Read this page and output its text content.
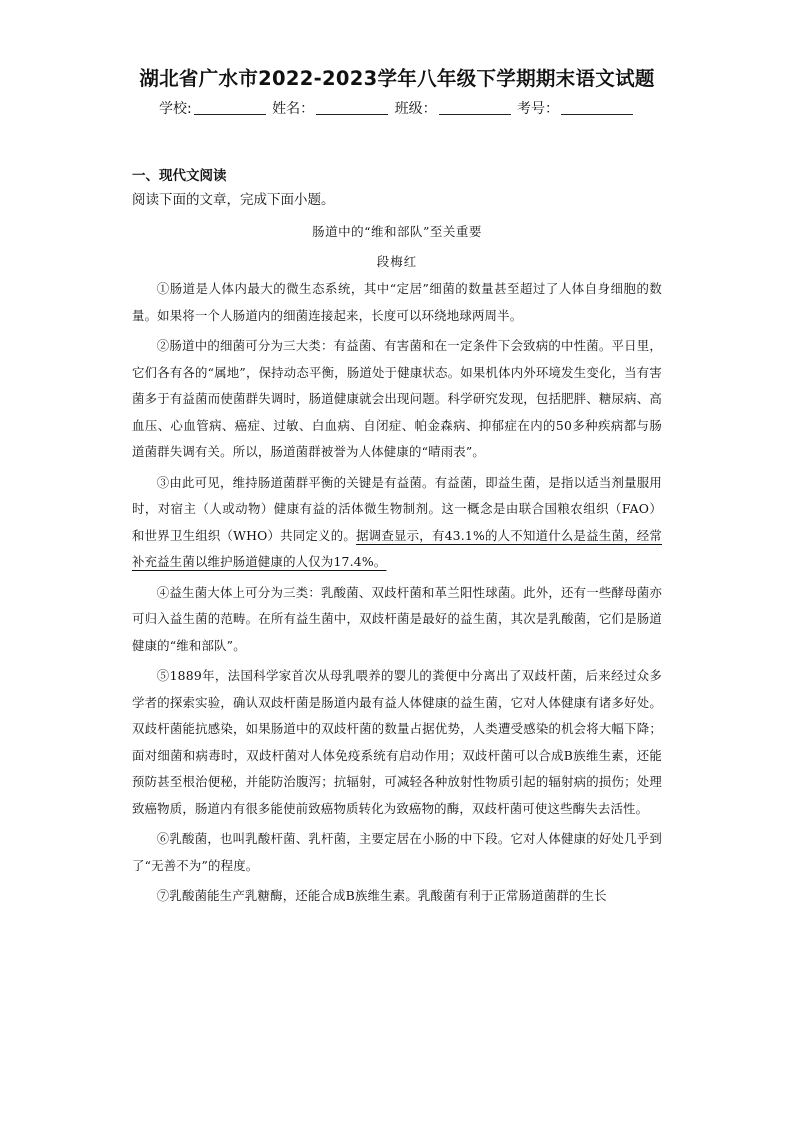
湖北省广水市2022-2023学年八年级下学期期末语文试题
学校:	姓名：	班级：	考号：
一、现代文阅读
阅读下面的文章，完成下面小题。
肠道中的“维和部队”至关重要
段梅红

①肠道是人体内最大的微生态系统，其中“定居”细菌的数量甚至超过了人体自身细胞的数量。如果将一个人肠道内的细菌连接起来，长度可以环绕地球两周半。

②肠道中的细菌可分为三大类：有益菌、有害菌和在一定条件下会致病的中性菌。平日里，它们各有各的“属地”，保持动态平衡，肠道处于健康状态。如果机体内外环境发生变化，当有害菌多于有益菌而使菌群失调时，肠道健康就会出现问题。科学研究发现，包括肥胖、糖尿病、高血压、心血管病、癌症、过敏、白血病、自闭症、帕金森病、抑郁症在内的50多种疾病都与肠道菌群失调有关。所以，肠道菌群被誉为人体健康的“晴雨表”。

③由此可见，维持肠道菌群平衡的关键是有益菌。有益菌，即益生菌，是指以适当剂量服用时，对宿主（人或动物）健康有益的活体微生物制剂。这一概念是由联合国粮农组织（FAO）和世界卫生组织（WHO）共同定义的。据调查显示，有43.1%的人不知道什么是益生菌，经常补充益生菌以维护肠道健康的人仅为17.4%。

④益生菌大体上可分为三类：乳酸菌、双歧杆菌和革兰阳性球菌。此外，还有一些酵母菌亦可归入益生菌的范畴。在所有益生菌中，双歧杆菌是最好的益生菌，其次是乳酸菌，它们是肠道健康的“维和部队”。

⑤1889年，法国科学家首次从母乳喂养的婴儿的粪便中分离出了双歧杆菌，后来经过众多学者的探索实验，确认双歧杆菌是肠道内最有益人体健康的益生菌，它对人体健康有诸多好处。双歧杆菌能抗感染，如果肠道中的双歧杆菌的数量占据优势，人类遭受感染的机会将大幅下降；面对细菌和病毒时，双歧杆菌对人体免疫系统有启动作用；双歧杆菌可以合成B族维生素，还能预防甚至根治便秘，并能防治腹泻；抗辐射，可减轻各种放射性物质引起的辐射病的损伤；处理致癌物质，肠道内有很多能使前致癌物质转化为致癌物的酶，双歧杆菌可使这些酶失去活性。

⑥乳酸菌，也叫乳酸杆菌、乳杆菌，主要定居在小肠的中下段。它对人体健康的好处几乎到了“无善不为”的程度。

⑦乳酸菌能生产乳糖酶，还能合成B族维生素。乳酸菌有利于正常肠道菌群的生长
